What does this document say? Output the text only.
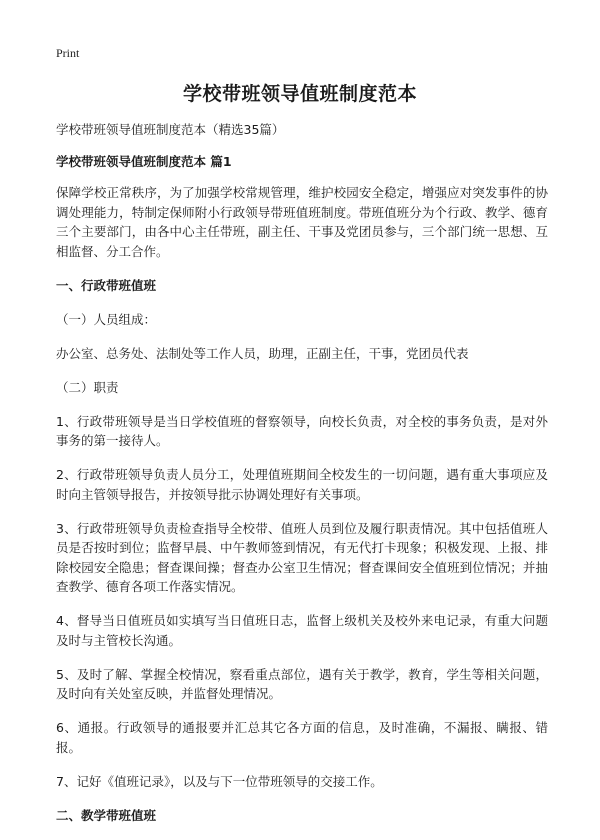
Print
学校带班领导值班制度范本
学校带班领导值班制度范本（精选35篇）
学校带班领导值班制度范本 篇1

保障学校正常秩序，为了加强学校常规管理，维护校园安全稳定，增强应对突发事件的协调处理能力，特制定保师附小行政领导带班值班制度。带班值班分为个行政、教学、德育三个主要部门，由各中心主任带班，副主任、干事及党团员参与，三个部门统一思想、互相监督、分工合作。

一、行政带班值班

（一）人员组成：

办公室、总务处、法制处等工作人员，助理，正副主任，干事，党团员代表

（二）职责

1、行政带班领导是当日学校值班的督察领导，向校长负责，对全校的事务负责，是对外事务的第一接待人。

2、行政带班领导负责人员分工，处理值班期间全校发生的一切问题，遇有重大事项应及时向主管领导报告，并按领导批示协调处理好有关事项。

3、行政带班领导负责检查指导全校带、值班人员到位及履行职责情况。其中包括值班人员是否按时到位；监督早晨、中午教师签到情况，有无代打卡现象；积极发现、上报、排除校园安全隐患；督查课间操；督查办公室卫生情况；督查课间安全值班到位情况；并抽查教学、德育各项工作落实情况。

4、督导当日值班员如实填写当日值班日志，监督上级机关及校外来电记录，有重大问题及时与主管校长沟通。

5、及时了解、掌握全校情况，察看重点部位，遇有关于教学，教育，学生等相关问题，及时向有关处室反映，并监督处理情况。

6、通报。行政领导的通报要并汇总其它各方面的信息，及时准确，不漏报、瞒报、错报。

7、记好《值班记录》，以及与下一位带班领导的交接工作。

二、教学带班值班
